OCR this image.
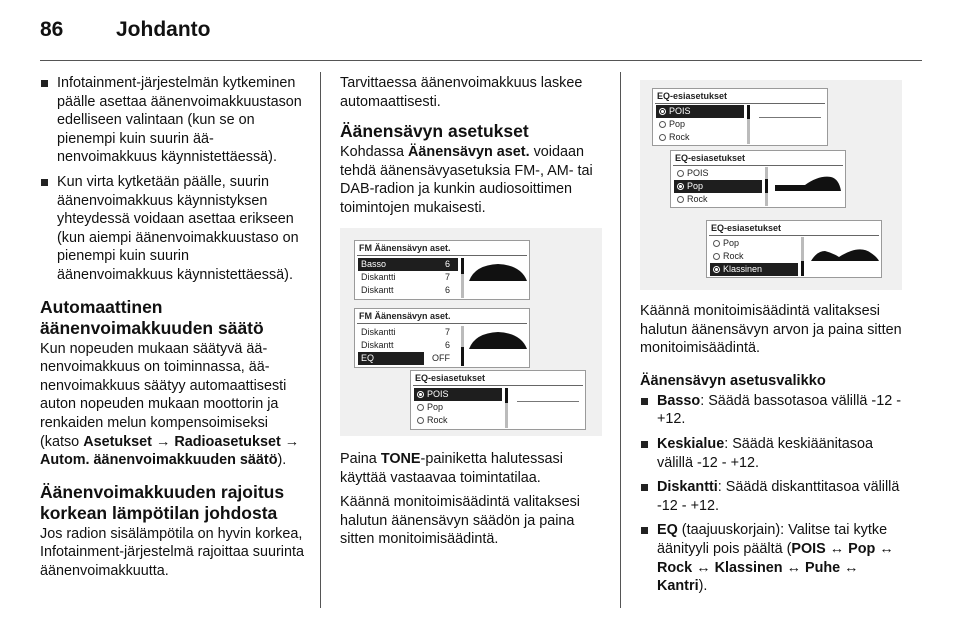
86	Johdanto
Infotainment-järjestelmän kytkeminen päälle asettaa äänenvoimakkuustason edelliseen valintaan (kun se on pienempi kuin suurin äänenvoimakkuus käynnistettäessä).
Kun virta kytketään päälle, suurin äänenvoimakkuus käynnistyksen yhteydessä voidaan asettaa erikseen (kun aiempi äänenvoimakkuustaso on pienempi kuin suurin äänenvoimakkuus käynnistettäessä).
Automaattinen äänenvoimakkuuden säätö

Kun nopeuden mukaan säätyvä äänenvoimakkuus on toiminnassa, äänenvoimakkuus säätyy automaattisesti auton nopeuden mukaan moottorin ja renkaiden melun kompensoimiseksi (katso Asetukset → Radioasetukset → Autom. äänenvoimakkuuden säätö).

Äänenvoimakkuuden rajoitus korkean lämpötilan johdosta

Jos radion sisälämpötila on hyvin korkea, Infotainment-järjestelmä rajoittaa suurinta äänenvoimakkuutta.

Tarvittaessa äänenvoimakkuus laskee automaattisesti.

Äänensävyn asetukset

Kohdassa Äänensävyn aset. voidaan tehdä äänensävyasetuksia FM-, AM- tai DAB-radion ja kunkin audiosoittimen toimintojen mukaisesti.

Paina TONE-painiketta halutessasi käyttää vastaavaa toimintatilaa.

Käännä monitoimisäädintä valitaksesi halutun äänensävyn säädön ja paina sitten monitoimisäädintä.

FM Äänensävyn aset.
Basso	6
Diskantti	7
Diskantt	6
FM Äänensävyn aset.
Diskantti	7
Diskantt	6
EQ	OFF
EQ-esiasetukset
POIS
Pop
Rock
EQ-esiasetukset
POIS
Pop
Rock
EQ-esiasetukset
POIS
Pop
Rock
EQ-esiasetukset
Pop
Rock
Klassinen

Käännä monitoimisäädintä valitaksesi halutun äänensävyn arvon ja paina sitten monitoimisäädintä.

Äänensävyn asetusvalikko
Basso: Säädä bassotasoa välillä -12 - +12.
Keskialue: Säädä keskiäänitasoa välillä -12 - +12.
Diskantti: Säädä diskanttitasoa välillä -12 - +12.
EQ (taajuuskorjain): Valitse tai kytke äänityyli pois päältä (POIS ↔ Pop ↔ Rock ↔ Klassinen ↔ Puhe ↔ Kantri).
